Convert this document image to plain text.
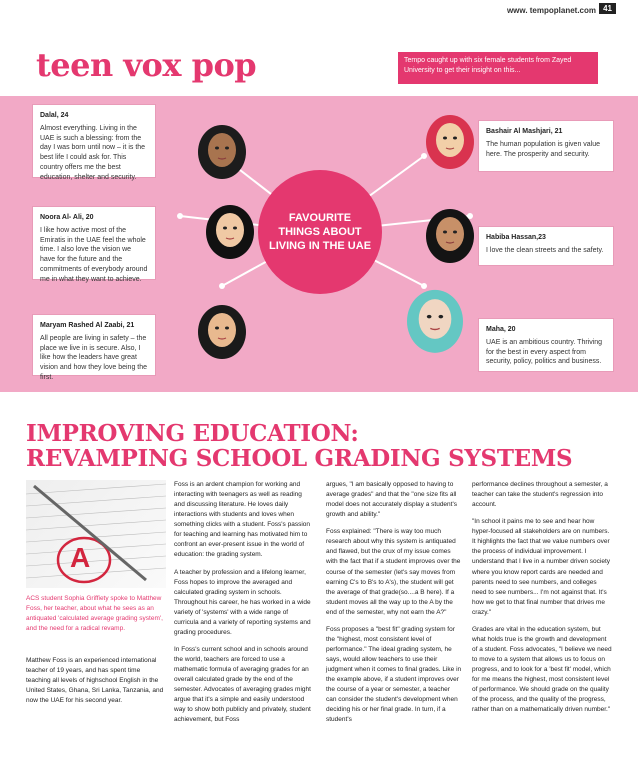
www. tempoplanet.com 41
teen vox pop	Tempo caught up with six female students from Zayed University to get their insight on this...
Dalal, 24
Almost everything. Living in the UAE is such a blessing: from the day I was born until now – it is the best life I could ask for. This country offers me the best education, shelter and security.
Noora Al- Ali, 20
I like how active most of the Emiratis in the UAE feel the whole time. I also love the vision we have for the future and the commitments of everybody around me in what they want to achieve.
Maryam Rashed Al Zaabi, 21
All people are living in safety – the place we live in is secure. Also, I like how the leaders have great vision and how they love being the first.
Bashair Al Mashjari, 21
The human population is given value here. The prosperity and security.
Habiba Hassan,23
I love the clean streets and the safety.
Maha, 20
UAE is an ambitious country. Thriving for the best in every aspect from security, policy, politics and business.
FAVOURITE THINGS ABOUT LIVING IN THE UAE
IMPROVING EDUCATION:
REVAMPING SCHOOL GRADING SYSTEMS
A
ACS student Sophia Griffiety spoke to Matthew Foss, her teacher, about what he sees as an antiquated 'calculated average grading system', and the need for a radical revamp.

Matthew Foss is an experienced international teacher of 19 years, and has spent time teaching all levels of highschool English in the United States, Ghana, Sri Lanka, Tanzania, and now the UAE for his second year.

Foss is an ardent champion for working and interacting with teenagers as well as reading and discussing literature. He loves daily interactions with students and loves when something clicks with a student. Foss's passion for teaching and learning has motivated him to confront an ever-present issue in the world of education: the grading system.

A teacher by profession and a lifelong learner, Foss hopes to improve the averaged and calculated grading system in schools. Throughout his career, he has worked in a wide variety of 'systems' with a wide range of curricula and a variety of reporting systems and grading procedures.

In Foss's current school and in schools around the world, teachers are forced to use a mathematic formula of averaging grades for an overall calculated grade by the end of the semester. Advocates of averaging grades might argue that it's a simple and easily understood way to show both publicly and privately, student achievement, but Foss

argues, "I am basically opposed to having to average grades" and that the "one size fits all model does not accurately display a student's growth and ability."

Foss explained: "There is way too much research about why this system is antiquated and flawed, but the crux of my issue comes with the fact that if a student improves over the course of the semester (let's say moves from earning C's to B's to A's), the student will get the average of that grade(so....a B here). If a student moves all the way up to the A by the end of the semester, why not earn the A?"

Foss proposes a "best fit" grading system for the "highest, most consistent level of performance." The ideal grading system, he says, would allow teachers to use their judgment when it comes to final grades. Like in the example above, if a student improves over the course of a year or semester, a teacher can consider the student's development when deciding his or her final grade. In turn, if a student's

performance declines throughout a semester, a teacher can take the student's regression into account.

"In school it pains me to see and hear how hyper-focused all stakeholders are on numbers. It highlights the fact that we value numbers over the process of individual improvement. I understand that I live in a number driven society where you know report cards are needed and parents need to see numbers, and colleges need to see numbers... I'm not against that. It's how we get to that final number that drives me crazy."

Grades are vital in the education system, but what holds true is the growth and development of a student. Foss advocates, "I believe we need to move to a system that allows us to focus on progress, and to look for a 'best fit' model, which for me means the highest, most consistent level of performance. We should grade on the quality of the process, and the quality of the progress, rather than on a mathematically driven number."
